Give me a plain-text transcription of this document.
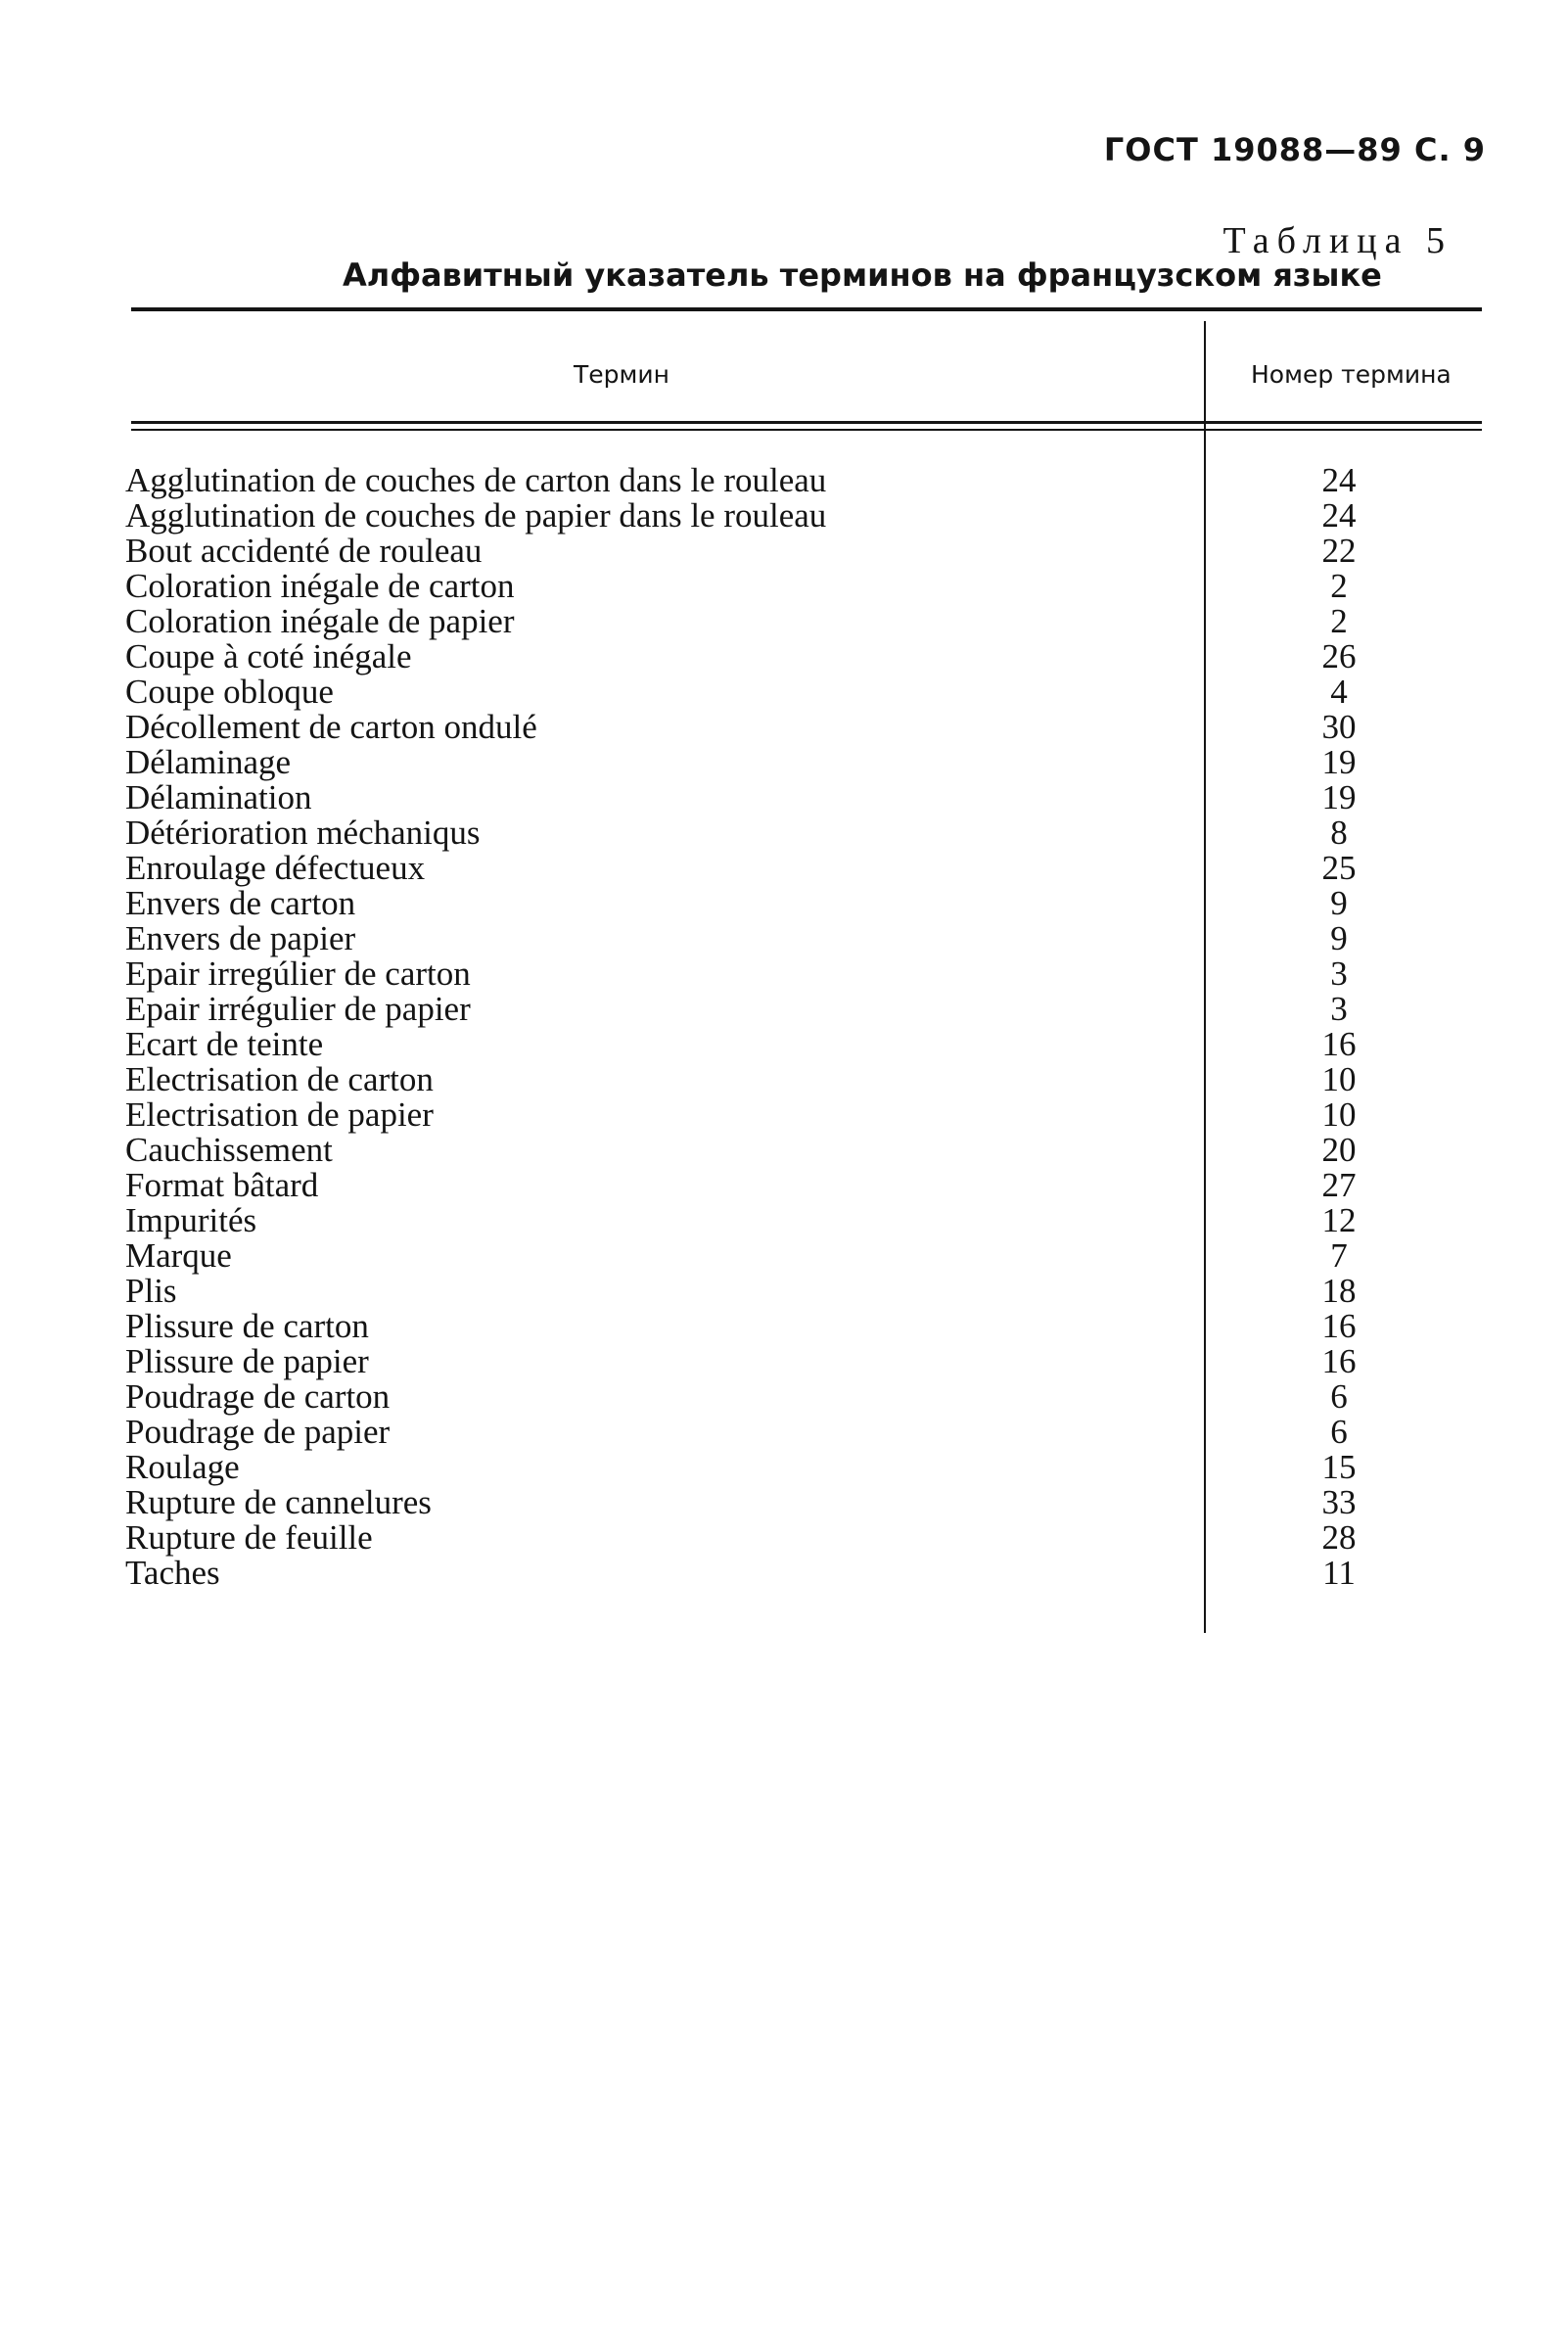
ГОСТ 19088—89 С. 9
Таблица 5
Алфавитный указатель терминов на французском языке
Термин	Номер термина
Agglutination de couches de carton dans le rouleau	24
Agglutination de couches de papier dans le rouleau	24
Bout accidenté de rouleau	22
Coloration inégale de carton	2
Coloration inégale de papier	2
Coupe à coté inégale	26
Coupe obloque	4
Décollement de carton ondulé	30
Délaminage	19
Délamination	19
Détérioration méchaniqus	8
Enroulage défectueux	25
Envers de carton	9
Envers de papier	9
Epair irregúlier de carton	3
Epair irrégulier de papier	3
Ecart de teinte	16
Electrisation de carton	10
Electrisation de papier	10
Cauchissement	20
Format bâtard	27
Impurités	12
Marque	7
Plis	18
Plissure de carton	16
Plissure de papier	16
Poudrage de carton	6
Poudrage de papier	6
Roulage	15
Rupture de cannelures	33
Rupture de feuille	28
Taches	11
